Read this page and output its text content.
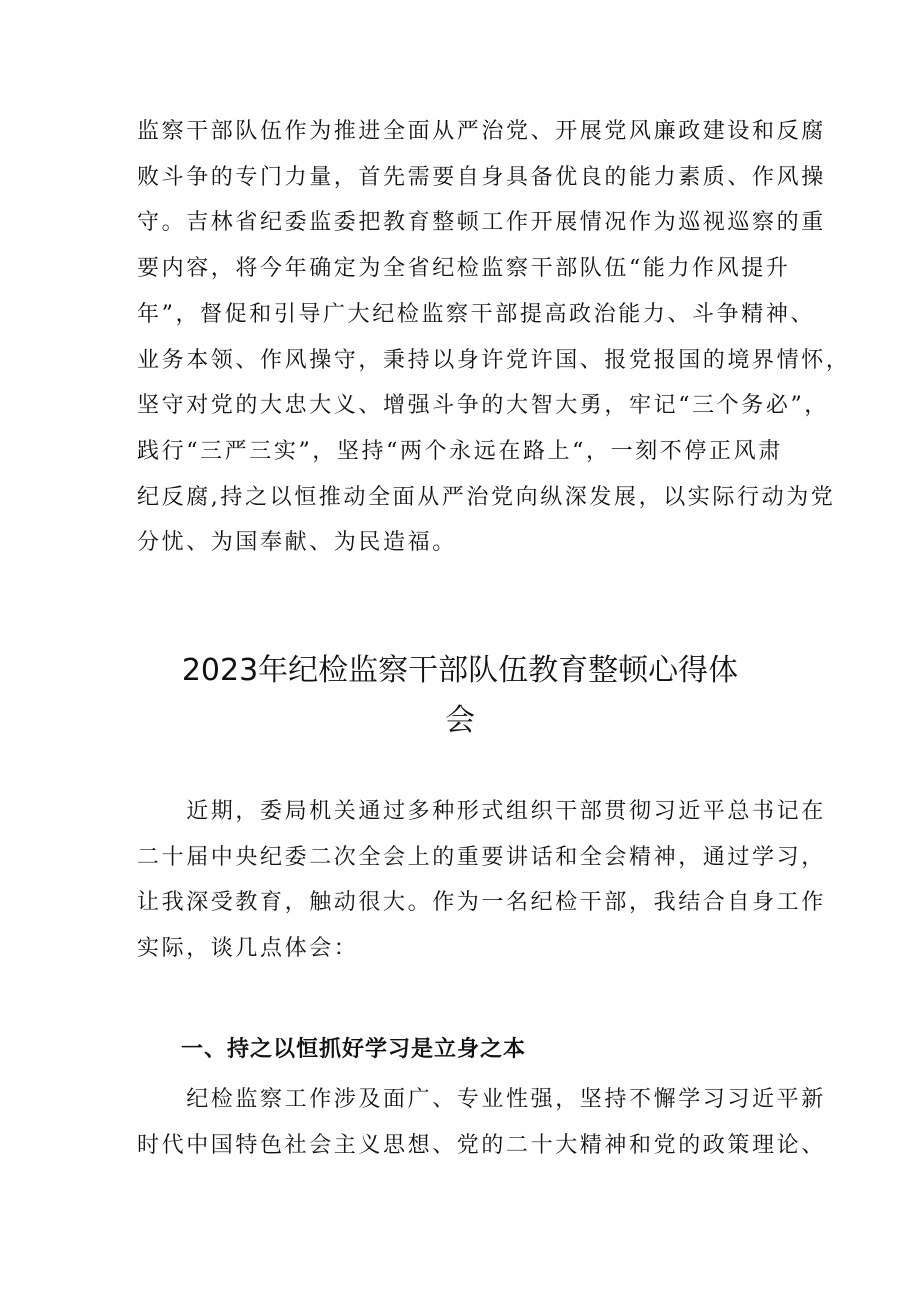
监察干部队伍作为推进全面从严治党、开展党风廉政建设和反腐
败斗争的专门力量，首先需要自身具备优良的能力素质、作风操
守。吉林省纪委监委把教育整顿工作开展情况作为巡视巡察的重
要内容，将今年确定为全省纪检监察干部队伍“能力作风提升
年”，督促和引导广大纪检监察干部提高政治能力、斗争精神、
业务本领、作风操守，秉持以身许党许国、报党报国的境界情怀，
坚守对党的大忠大义、增强斗争的大智大勇，牢记“三个务必”，
践行“三严三实”，坚持“两个永远在路上“，一刻不停正风肃
纪反腐,持之以恒推动全面从严治党向纵深发展，以实际行动为党
分忧、为国奉献、为民造福。

2023年纪检监察干部队伍教育整顿心得体
会

　　近期，委局机关通过多种形式组织干部贯彻习近平总书记在
二十届中央纪委二次全会上的重要讲话和全会精神，通过学习，
让我深受教育，触动很大。作为一名纪检干部，我结合自身工作
实际，谈几点体会：

一、持之以恒抓好学习是立身之本

　　纪检监察工作涉及面广、专业性强，坚持不懈学习习近平新
时代中国特色社会主义思想、党的二十大精神和党的政策理论、
